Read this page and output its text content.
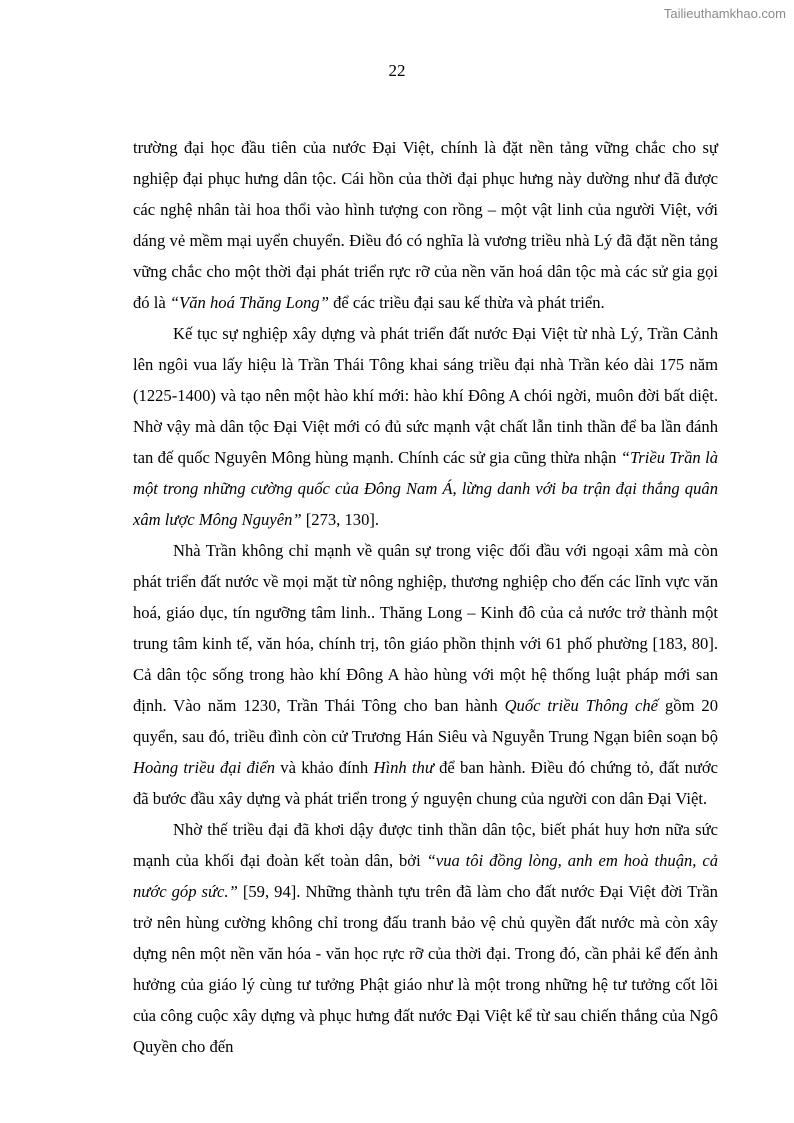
Tailieuthamkhao.com
22

trường đại học đầu tiên của nước Đại Việt, chính là đặt nền tảng vững chắc cho sự nghiệp đại phục hưng dân tộc. Cái hồn của thời đại phục hưng này dường như đã được các nghệ nhân tài hoa thổi vào hình tượng con rồng – một vật linh của người Việt, với dáng vẻ mềm mại uyển chuyển. Điều đó có nghĩa là vương triều nhà Lý đã đặt nền tảng vững chắc cho một thời đại phát triển rực rỡ của nền văn hoá dân tộc mà các sử gia gọi đó là “Văn hoá Thăng Long” để các triều đại sau kế thừa và phát triển.

Kế tục sự nghiệp xây dựng và phát triển đất nước Đại Việt từ nhà Lý, Trần Cảnh lên ngôi vua lấy hiệu là Trần Thái Tông khai sáng triều đại nhà Trần kéo dài 175 năm (1225-1400) và tạo nên một hào khí mới: hào khí Đông A chói ngời, muôn đời bất diệt. Nhờ vậy mà dân tộc Đại Việt mới có đủ sức mạnh vật chất lẫn tinh thần để ba lần đánh tan đế quốc Nguyên Mông hùng mạnh. Chính các sử gia cũng thừa nhận “Triều Trần là một trong những cường quốc của Đông Nam Á, lừng danh với ba trận đại thắng quân xâm lược Mông Nguyên” [273, 130].

Nhà Trần không chỉ mạnh về quân sự trong việc đối đầu với ngoại xâm mà còn phát triển đất nước về mọi mặt từ nông nghiệp, thương nghiệp cho đến các lĩnh vực văn hoá, giáo dục, tín ngưỡng tâm linh.. Thăng Long – Kinh đô của cả nước trở thành một trung tâm kinh tế, văn hóa, chính trị, tôn giáo phồn thịnh với 61 phố phường [183, 80]. Cả dân tộc sống trong hào khí Đông A hào hùng với một hệ thống luật pháp mới san định. Vào năm 1230, Trần Thái Tông cho ban hành Quốc triều Thông chế gồm 20 quyển, sau đó, triều đình còn cử Trương Hán Siêu và Nguyễn Trung Ngạn biên soạn bộ Hoàng triều đại điển và khảo đính Hình thư để ban hành. Điều đó chứng tỏ, đất nước đã bước đầu xây dựng và phát triển trong ý nguyện chung của người con dân Đại Việt.

Nhờ thế triều đại đã khơi dậy được tinh thần dân tộc, biết phát huy hơn nữa sức mạnh của khối đại đoàn kết toàn dân, bởi “vua tôi đồng lòng, anh em hoà thuận, cả nước góp sức.” [59, 94]. Những thành tựu trên đã làm cho đất nước Đại Việt đời Trần trở nên hùng cường không chỉ trong đấu tranh bảo vệ chủ quyền đất nước mà còn xây dựng nên một nền văn hóa - văn học rực rỡ của thời đại. Trong đó, cần phải kể đến ảnh hưởng của giáo lý cùng tư tưởng Phật giáo như là một trong những hệ tư tưởng cốt lõi của công cuộc xây dựng và phục hưng đất nước Đại Việt kể từ sau chiến thắng của Ngô Quyền cho đến
